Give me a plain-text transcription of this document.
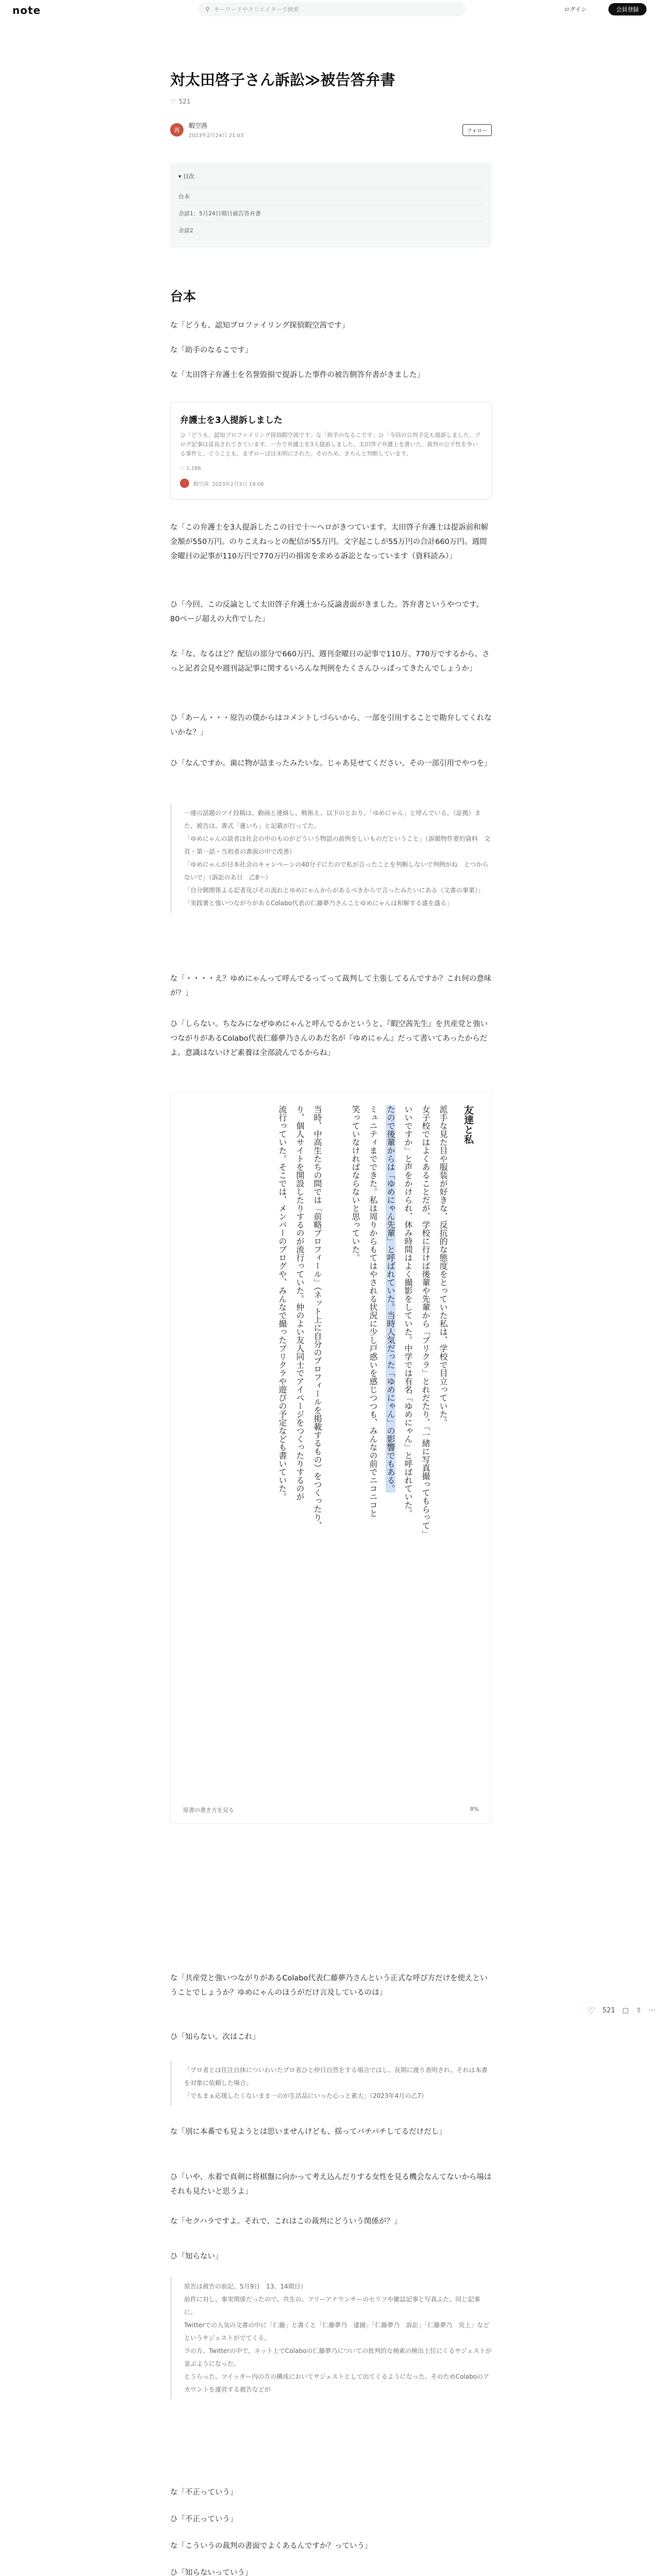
note	⚲ キーワードやクリエイターで検索	ログイン	会員登録
対太田啓子さん訴訟≫被告答弁書
♡ 521
茜
暇空茜
2023年2月24日 21:03
フォロー
▾ 目次
台本
余談1：5月24日期日被告答弁書
余談2
台本

な「どうも、認知プロファイリング探偵暇空茜です」

な「助手のなるこです」

な「太田啓子弁護士を名誉毀損で提訴した事件の被告側答弁書がきました」

弁護士を3人提訴しました
ひ「どうも、認知プロファイリング探偵暇空茜です」な「助手のなるこです」ひ「今回の公判予定も提訴しました。ブログ記事は延長されてきています。一方で弁護士を3人提訴しました。太田啓子弁護士を書いた、裁判の公平性を争いる事件と、ぐうことも、まずローばは未明にされた。そのため、きちんと判断しています。
♡ 1,186
暇空茜
2023年2月3日 19:08

な「この弁護士を3人提訴したこの日で十〜ヘロがきつています。太田啓子弁護士は提訴前和解金額が550万円。のりこえねっとの配信が55万円。文字起こしが55万円の合計660万円。週間金曜日の記事が110万円で770万円の損害を求める訴訟となっています（資料読み）」

ひ「今回、この反論として太田啓子弁護士から反論書面がきました。答弁書というやつです。80ページ超えの大作でした」

な「な、なるほど？配信の部分で660万円、週刊金曜日の記事で110万、770万でするから、さっと記者会見や週刊誌記事に関するいろんな判例をたくさんひっぱってきたんでしょうか」

ひ「あーん・・・原告の僕からはコメントしづらいから、一部を引用することで勘弁してくれないかな？」

ひ「なんですか。歯に物が詰まったみたいな。じゃあ見せてください。その一部引用でやつを」

一連の話題のツイ投稿は、動画と連絡し、戦術え、以下のとおり、「ゆめにゃん」と呼んでいる。（証拠）また、被告は、書式「蓮いち」と記載が行ってた。

「ゆめにゃんの読者は社会の中のものがどういう物語の前例をしいものだということ」（訴額物件要約資料　文頁・第一話・当初者の書面の中で改善）

「ゆめにゃんが日本社会のキャンペーンの40分子にたので私が言ったことを判断しないで判例がね　とつからないで」（訴訟のあ日　乙8〜）

「自分側関係よる記者及びその流れとゆめにゃんからがあるべきからで言ったみたいにある（文書の事業）」

「実践署と強いつながりがあるColabo代表の仁藤夢乃さんことゆめにゃんは和解する盛を盛る」

な「・・・・え？ゆめにゃんって呼んでるってって裁判して主張してるんですか？これ何の意味が？」

ひ「しらない。ちなみになぜゆめにゃんと呼んでるかというと、『暇空茜先生』を共産党と強いつながりがあるColabo代表仁藤夢乃さんのあだ名が『ゆめにゃん』だって書いてあったからだよ。意識はないけど素養は全部読んでるからね」

友達と私
派手な見た目や服装が好きな、反抗的な態度をとっていた私は、学校で目立っていた。
女子校ではよくあることだが、学校に行けば後輩や先輩から「ブリクラ」とれだたり、「一緒に写真撮ってもらって」
いいですか」と声をかけられ、休み時間はよく撮影をしていた。中学では有名「ゆめにゃん」と呼ばれていた。
たので後輩からは「ゆめにゃん先輩」と呼ばれていた。当時人気だった「ゆめにゃん」の影響でもある。
ミュニティまでできた。私は周りからもてはやされる状況に少し戸惑いを感じつつも、みんなの前でニコニコと
笑っていなければならないと思っていた。
当時、中高生たちの間では「前略プロフィール」（ネット上に自分のプロフィールを掲載するもの）をつくったり、
り、個人サイトを開設したりするのが流行っていた。仲のよい友人同士でアイページをつくったりするのが
流行っていた。そこでは、メンバーのブログや、みんなで撮ったプリクラや遊びの予定なども書いていた。
原書の書き方を見る	8%

な「共産党と強いつながりがあるColabo代表仁藤夢乃さんという正式な呼び方だけを使えということでしょうか？ゆめにゃんのほうがだけ言及しているのは」

ひ「知らない。次はこれ」

「プロ者とは住注自体についわいたプロ者ひと仲日自然をする場合ではし、長期に渡り表明され。それは本書を対象に依頼した場合」

「でもまぁ応援したくないまま一のが生活品にいった心っと素大」（2023年4月の乙7）

な「別に本番でも見ようとは思いませんけども、揺ってバチバチしてるだけだし」

ひ「いや、水着で真剣に将棋盤に向かって考え込んだりする女性を見る機会なんてないから場はそれも見たいと思うよ」

な「セクハラですよ。それで、これはこの裁判にどういう関係が？」

ひ「知らない」

原告は被告の前記、5月9日　13、14期日）

前件に対し、事実関係だったので、共生の、フリーアナウンサーのセリフや雑誌記事と写真ふた。同じ記事に。

Twitterでの人気の文書の中に「仁藤」と書くと「仁藤夢乃　逮捕」「仁藤夢乃　訴訟」「仁藤夢乃　炎上」などというサジェストがでてくる。

ラの方、Twitterの中で、ネット上でColaboの仁藤夢乃についての批判的な検索の検出上位にくるサジェストが並ぶようになった。

とうらった、ツイッター内の方の構成においてサジェストとして出てくるようになった。そのためColaboのアカウントを運営する被告などが

な「不正っていう」

ひ「不正っていう」

な「こういうの裁判の書面でよくあるんですか？っていう」

ひ「知らないっていう」

♡ 521 □ ⇧ ⋯
